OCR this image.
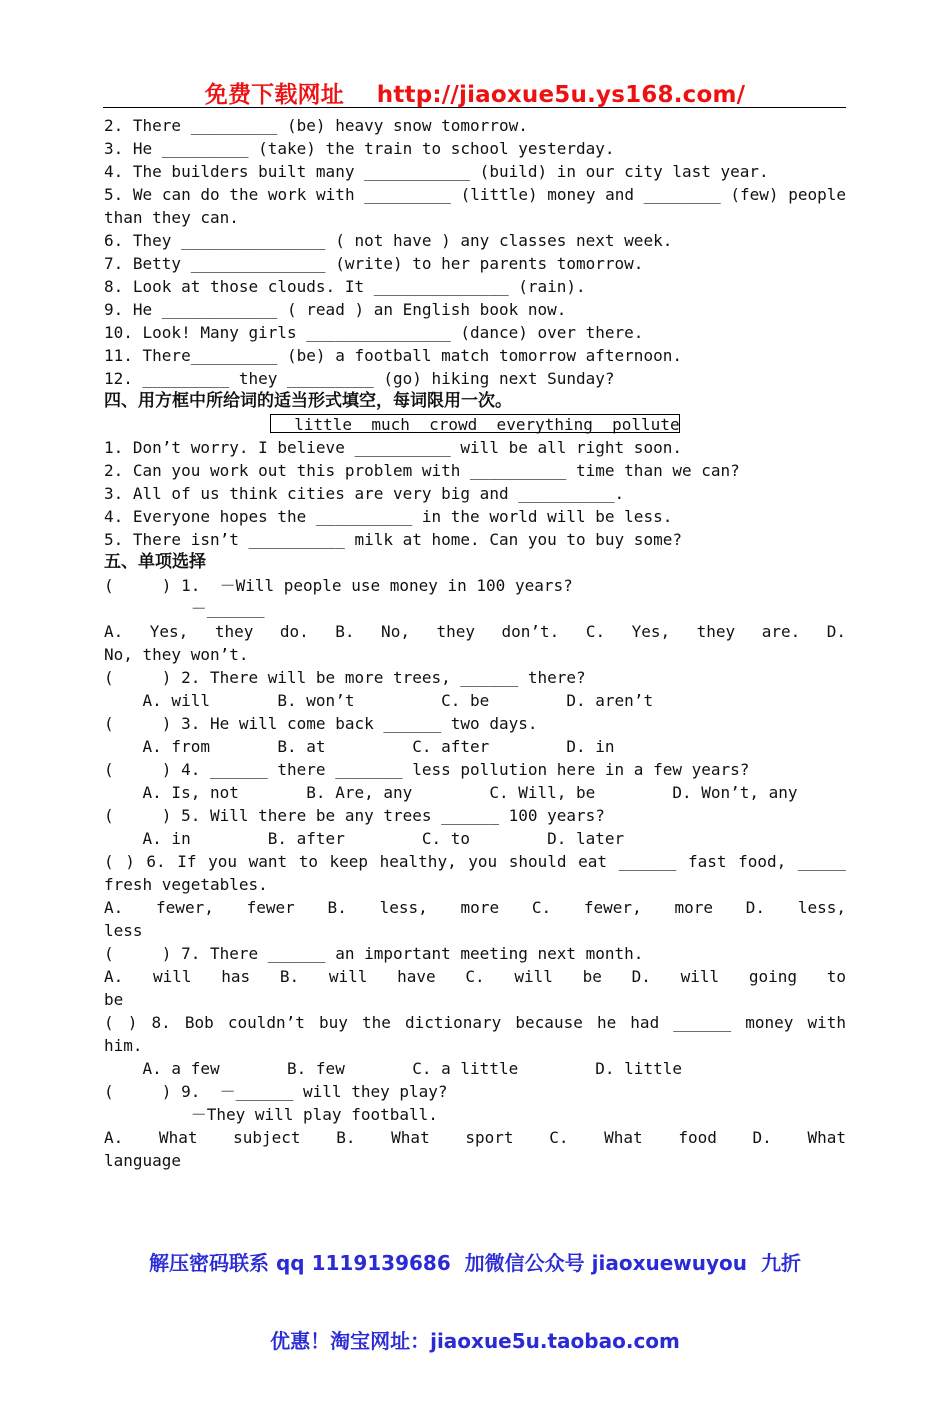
免费下载网址    http://jiaoxue5u.ys168.com/
2. There _________ (be) heavy snow tomorrow.
3. He _________ (take) the train to school yesterday.
4. The builders built many ___________ (build) in our city last year.
5. We can do the work with _________ (little) money and ________ (few) people
than they can.
6. They _______________ ( not have ) any classes next week.
7. Betty ______________ (write) to her parents tomorrow.
8. Look at those clouds. It ______________ (rain).
9. He ____________ ( read ) an English book now.
10. Look! Many girls _______________ (dance) over there.
11. There_________ (be) a football match tomorrow afternoon.
12. _________ they _________ (go) hiking next Sunday?
四、用方框中所给词的适当形式填空，每词限用一次。
little  much  crowd  everything  pollute
1. Don’t worry. I believe __________ will be all right soon.
2. Can you work out this problem with __________ time than we can?
3. All of us think cities are very big and __________.
4. Everyone hopes the __________ in the world will be less.
5. There isn’t __________ milk at home. Can you to buy some?
五、单项选择
(     ) 1.  －Will people use money in 100 years?
－______
A. Yes, they do. B. No, they don’t. C. Yes, they are. D.
No, they won’t.
(     ) 2. There will be more trees, ______ there?
A. will       B. won’t         C. be        D. aren’t
(     ) 3. He will come back ______ two days.
A. from       B. at         C. after        D. in
(     ) 4. ______ there _______ less pollution here in a few years?
A. Is, not       B. Are, any        C. Will, be        D. Won’t, any
(     ) 5. Will there be any trees ______ 100 years?
A. in        B. after        C. to        D. later
( ) 6. If you want to keep healthy, you should eat ______ fast food, _____
fresh vegetables.
A. fewer, fewer B. less, more C. fewer, more D. less,
less
(     ) 7. There ______ an important meeting next month.
A. will has B. will have C. will be D. will going to
be
( ) 8. Bob couldn’t buy the dictionary because he had ______ money with
him.
A. a few       B. few       C. a little        D. little
(     ) 9.  －______ will they play?
－They will play football.
A. What subject B. What sport C. What food D. What
language

解压密码联系 qq 1119139686  加微信公众号 jiaoxuewuyou  九折

优惠！淘宝网址：jiaoxue5u.taobao.com
